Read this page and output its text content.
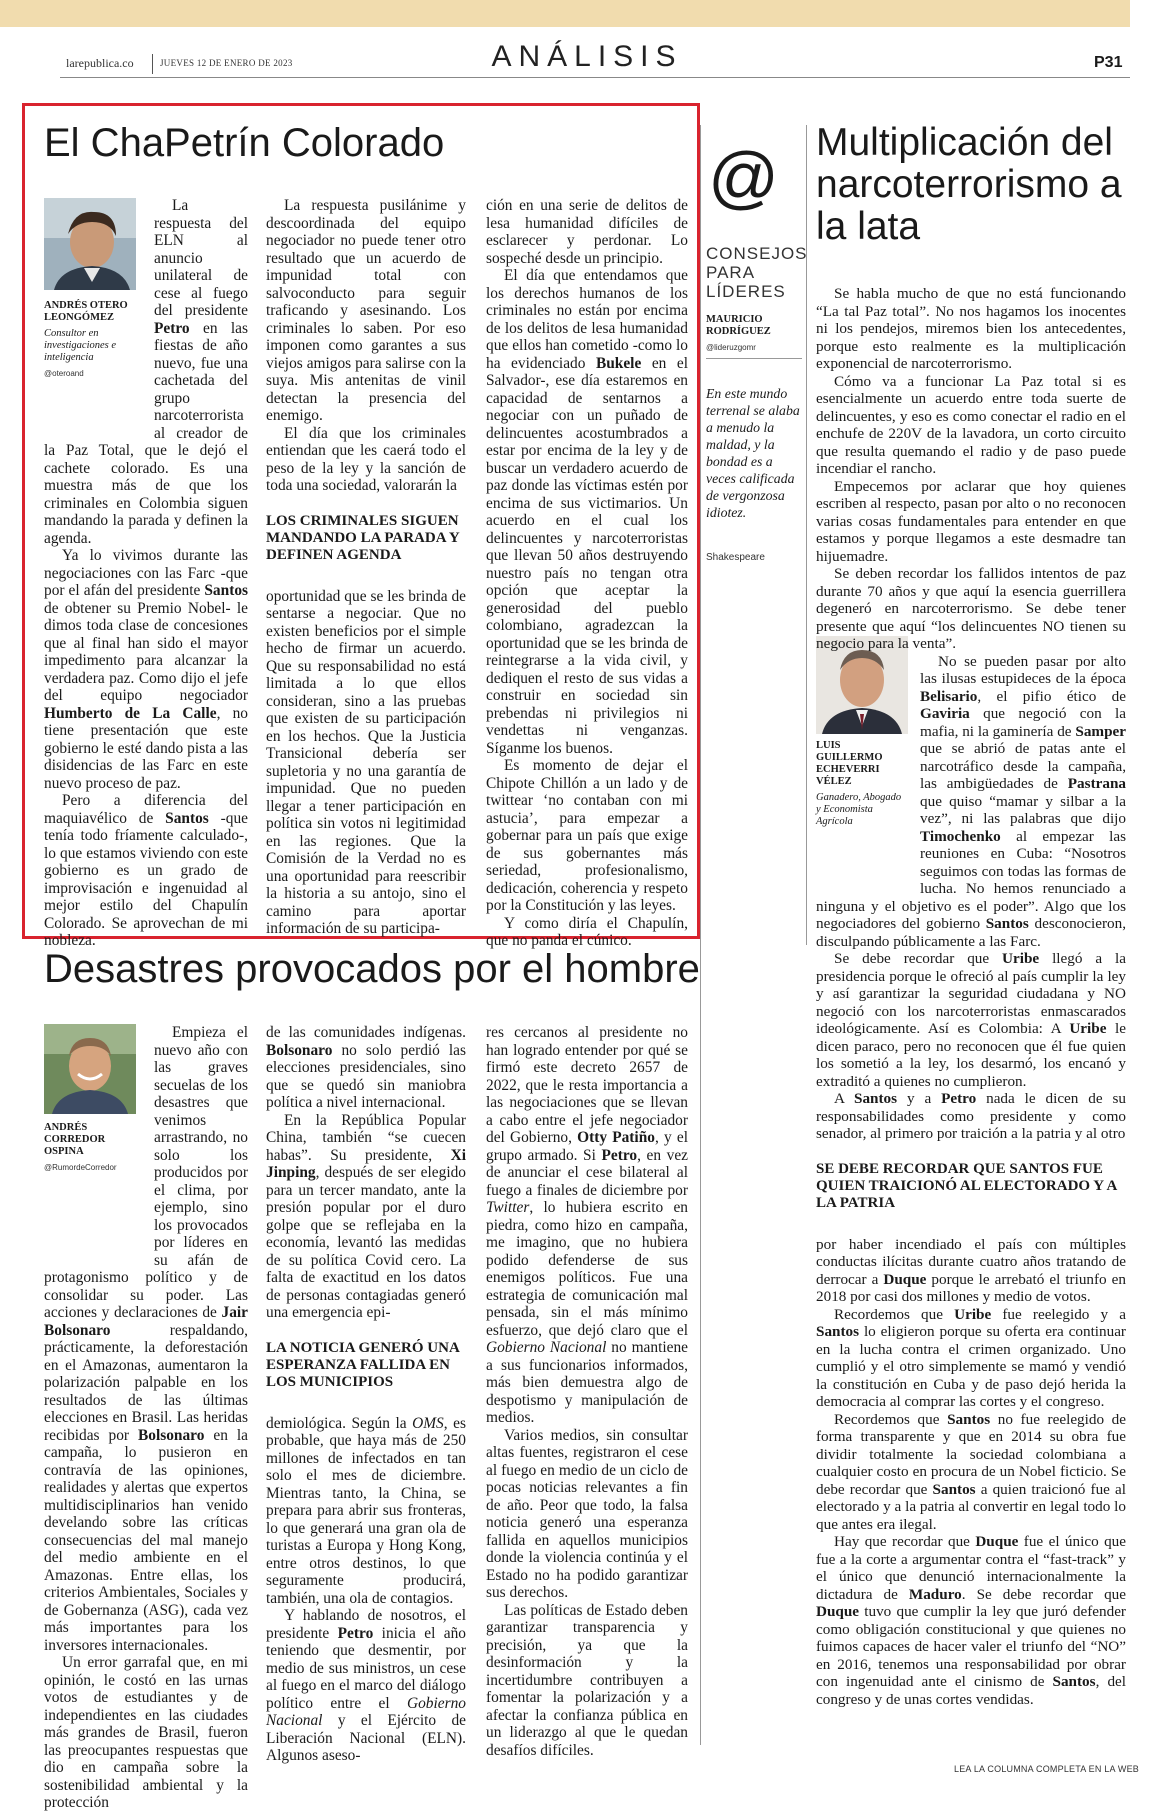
larepublica.co	JUEVES 12 DE ENERO DE 2023	ANÁLISIS	P31
El ChaPetrín Colorado
ANDRÉS OTERO LEONGÓMEZ
Consultor en investigaciones e inteligencia
@oteroand

La respuesta del ELN al anuncio unilateral de cese al fuego del presidente Petro en las fiestas de año nuevo, fue una cachetada del grupo narcoterrorista al creador de la Paz Total, que le dejó el cachete colorado. Es una muestra más de que los criminales en Colombia siguen mandando la parada y definen la agenda.

Ya lo vivimos durante las negociaciones con las Farc -que por el afán del presidente Santos de obtener su Premio Nobel- le dimos toda clase de concesiones que al final han sido el mayor impedimento para alcanzar la verdadera paz. Como dijo el jefe del equipo negociador Humberto de La Calle, no tiene presentación que este gobierno le esté dando pista a las disidencias de las Farc en este nuevo proceso de paz.

Pero a diferencia del maquiavélico de Santos -que tenía todo fríamente calculado-, lo que estamos viviendo con este gobierno es un grado de improvisación e ingenuidad al mejor estilo del Chapulín Colorado. Se aprovechan de mi nobleza.

La respuesta pusilánime y descoordinada del equipo negociador no puede tener otro resultado que un acuerdo de impunidad total con salvoconducto para seguir traficando y asesinando. Los criminales lo saben. Por eso imponen como garantes a sus viejos amigos para salirse con la suya. Mis antenitas de vinil detectan la presencia del enemigo.

El día que los criminales entiendan que les caerá todo el peso de la ley y la sanción de toda una sociedad, valorarán la

LOS CRIMINALES SIGUEN MANDANDO LA PARADA Y DEFINEN AGENDA

oportunidad que se les brinda de sentarse a negociar. Que no existen beneficios por el simple hecho de firmar un acuerdo. Que su responsabilidad no está limitada a lo que ellos consideran, sino a las pruebas que existen de su participación en los hechos. Que la Justicia Transicional debería ser supletoria y no una garantía de impunidad. Que no pueden llegar a tener participación en política sin votos ni legitimidad en las regiones. Que la Comisión de la Verdad no es una oportunidad para reescribir la historia a su antojo, sino el camino para aportar información de su participa-

ción en una serie de delitos de lesa humanidad difíciles de esclarecer y perdonar. Lo sospeché desde un principio.

El día que entendamos que los derechos humanos de los criminales no están por encima de los delitos de lesa humanidad que ellos han cometido -como lo ha evidenciado Bukele en el Salvador-, ese día estaremos en capacidad de sentarnos a negociar con un puñado de delincuentes acostumbrados a estar por encima de la ley y de buscar un verdadero acuerdo de paz donde las víctimas estén por encima de sus victimarios. Un acuerdo en el cual los delincuentes y narcoterroristas que llevan 50 años destruyendo nuestro país no tengan otra opción que aceptar la generosidad del pueblo colombiano, agradezcan la oportunidad que se les brinda de reintegrarse a la vida civil, y dediquen el resto de sus vidas a construir en sociedad sin prebendas ni privilegios ni vendettas ni venganzas. Síganme los buenos.

Es momento de dejar el Chipote Chillón a un lado y de twittear ‘no contaban con mi astucia’, para empezar a gobernar para un país que exige de sus gobernantes más seriedad, profesionalismo, dedicación, coherencia y respeto por la Constitución y las leyes.

Y como diría el Chapulín, que no panda el cúnico.

@
CONSEJOS
PARA
LÍDERES
MAURICIO
RODRÍGUEZ
@lideruzgomr
En este mundo terrenal se alaba a menudo la maldad, y la bondad es a veces calificada de vergonzosa idiotez.
Shakespeare
Multiplicación del narcoterrorismo a la lata
LUIS GUILLERMO ECHEVERRI VÉLEZ
Ganadero, Abogado y Economista Agrícola

Se habla mucho de que no está funcionando “La tal Paz total”. No nos hagamos los inocentes ni los pendejos, miremos bien los antecedentes, porque esto realmente es la multiplicación exponencial de narcoterrorismo.

Cómo va a funcionar La Paz total si es esencialmente un acuerdo entre toda suerte de delincuentes, y eso es como conectar el radio en el enchufe de 220V de la lavadora, un corto circuito que resulta quemando el radio y de paso puede incendiar el rancho.

Empecemos por aclarar que hoy quienes escriben al respecto, pasan por alto o no reconocen varias cosas fundamentales para entender en que estamos y porque llegamos a este desmadre tan hijuemadre.

Se deben recordar los fallidos intentos de paz durante 70 años y que aquí la esencia guerrillera degeneró en narcoterrorismo. Se debe tener presente que aquí “los delincuentes NO tienen su negocio para la venta”.

No se pueden pasar por alto las ilusas estupideces de la época Belisario, el pifio ético de Gaviria que negoció con la mafia, ni la gaminería de Samper que se abrió de patas ante el narcotráfico desde la campaña, las ambigüedades de Pastrana que quiso “mamar y silbar a la vez”, ni las palabras que dijo Timochenko al empezar las reuniones en Cuba: “Nosotros seguimos con todas las formas de lucha. No hemos renunciado a ninguna y el objetivo es el poder”. Algo que los negociadores del gobierno Santos desconocieron, disculpando públicamente a las Farc.

Se debe recordar que Uribe llegó a la presidencia porque le ofreció al país cumplir la ley y así garantizar la seguridad ciudadana y NO negoció con los narcoterroristas enmascarados ideológicamente. Así es Colombia: A Uribe le dicen paraco, pero no reconocen que él fue quien los sometió a la ley, los desarmó, los encanó y extraditó a quienes no cumplieron.

A Santos y a Petro nada le dicen de su responsabilidades como presidente y como senador, al primero por traición a la patria y al otro

SE DEBE RECORDAR QUE SANTOS FUE QUIEN TRAICIONÓ AL ELECTORADO Y A LA PATRIA

por haber incendiado el país con múltiples conductas ilícitas durante cuatro años tratando de derrocar a Duque porque le arrebató el triunfo en 2018 por casi dos millones y medio de votos.

Recordemos que Uribe fue reelegido y a Santos lo eligieron porque su oferta era continuar en la lucha contra el crimen organizado. Uno cumplió y el otro simplemente se mamó y vendió la constitución en Cuba y de paso dejó herida la democracia al comprar las cortes y el congreso.

Recordemos que Santos no fue reelegido de forma transparente y que en 2014 su obra fue dividir totalmente la sociedad colombiana a cualquier costo en procura de un Nobel ficticio. Se debe recordar que Santos a quien traicionó fue al electorado y a la patria al convertir en legal todo lo que antes era ilegal.

Hay que recordar que Duque fue el único que fue a la corte a argumentar contra el “fast-track” y el único que denunció internacionalmente la dictadura de Maduro. Se debe recordar que Duque tuvo que cumplir la ley que juró defender como obligación constitucional y que quienes no fuimos capaces de hacer valer el triunfo del “NO” en 2016, tenemos una responsabilidad por obrar con ingenuidad ante el cinismo de Santos, del congreso y de unas cortes vendidas.

LEA LA COLUMNA COMPLETA EN LA WEB
Desastres provocados por el hombre
ANDRÉS CORREDOR OSPINA
@RumordeCorredor

Empieza el nuevo año con las graves secuelas de los desastres que venimos arrastrando, no solo los producidos por el clima, por ejemplo, sino los provocados por líderes en su afán de protagonismo político y de consolidar su poder. Las acciones y declaraciones de Jair Bolsonaro respaldando, prácticamente, la deforestación en el Amazonas, aumentaron la polarización palpable en los resultados de las últimas elecciones en Brasil. Las heridas recibidas por Bolsonaro en la campaña, lo pusieron en contravía de las opiniones, realidades y alertas que expertos multidisciplinarios han venido develando sobre las críticas consecuencias del mal manejo del medio ambiente en el Amazonas. Entre ellas, los criterios Ambientales, Sociales y de Gobernanza (ASG), cada vez más importantes para los inversores internacionales.

Un error garrafal que, en mi opinión, le costó en las urnas votos de estudiantes y de independientes en las ciudades más grandes de Brasil, fueron las preocupantes respuestas que dio en campaña sobre la sostenibilidad ambiental y la protección

de las comunidades indígenas. Bolsonaro no solo perdió las elecciones presidenciales, sino que se quedó sin maniobra política a nivel internacional.

En la República Popular China, también “se cuecen habas”. Su presidente, Xi Jinping, después de ser elegido para un tercer mandato, ante la presión popular por el duro golpe que se reflejaba en la economía, levantó las medidas de su política Covid cero. La falta de exactitud en los datos de personas contagiadas generó una emergencia epi-

LA NOTICIA GENERÓ UNA ESPERANZA FALLIDA EN LOS MUNICIPIOS

demiológica. Según la OMS, es probable, que haya más de 250 millones de infectados en tan solo el mes de diciembre. Mientras tanto, la China, se prepara para abrir sus fronteras, lo que generará una gran ola de turistas a Europa y Hong Kong, entre otros destinos, lo que seguramente producirá, también, una ola de contagios.

Y hablando de nosotros, el presidente Petro inicia el año teniendo que desmentir, por medio de sus ministros, un cese al fuego en el marco del diálogo político entre el Gobierno Nacional y el Ejército de Liberación Nacional (ELN). Algunos aseso-

res cercanos al presidente no han logrado entender por qué se firmó este decreto 2657 de 2022, que le resta importancia a las negociaciones que se llevan a cabo entre el jefe negociador del Gobierno, Otty Patiño, y el grupo armado. Si Petro, en vez de anunciar el cese bilateral al fuego a finales de diciembre por Twitter, lo hubiera escrito en piedra, como hizo en campaña, me imagino, que no hubiera podido defenderse de sus enemigos políticos. Fue una estrategia de comunicación mal pensada, sin el más mínimo esfuerzo, que dejó claro que el Gobierno Nacional no mantiene a sus funcionarios informados, más bien demuestra algo de despotismo y manipulación de medios.

Varios medios, sin consultar altas fuentes, registraron el cese al fuego en medio de un ciclo de pocas noticias relevantes a fin de año. Peor que todo, la falsa noticia generó una esperanza fallida en aquellos municipios donde la violencia continúa y el Estado no ha podido garantizar sus derechos.

Las políticas de Estado deben garantizar transparencia y precisión, ya que la desinformación y la incertidumbre contribuyen a fomentar la polarización y a afectar la confianza pública en un liderazgo al que le quedan desafíos difíciles.
